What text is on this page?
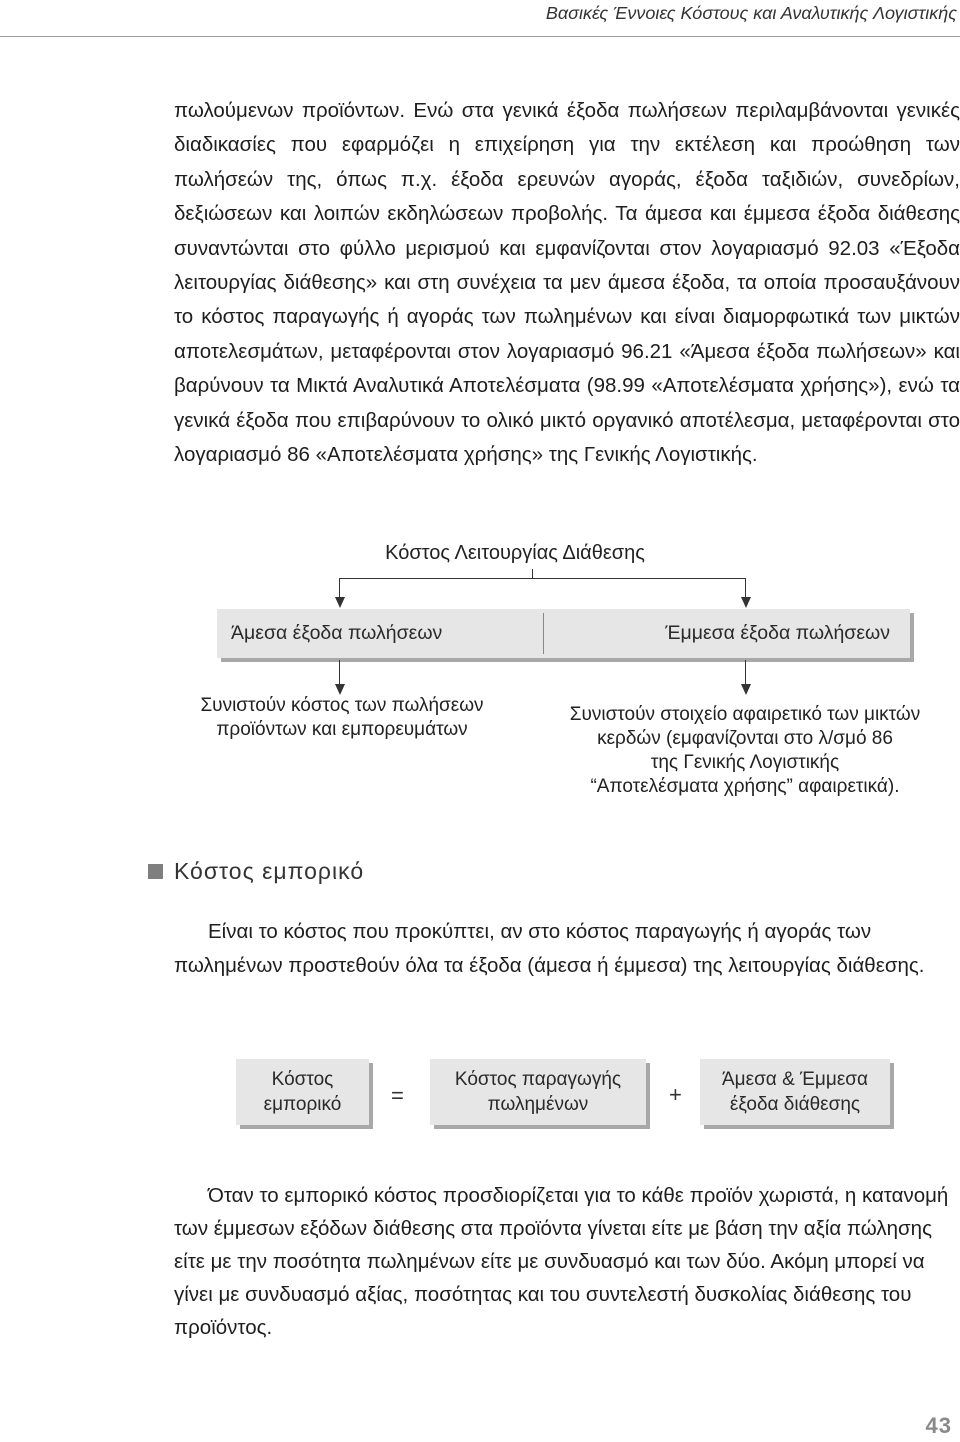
Βασικές Έννοιες Κόστους και Αναλυτικής Λογιστικής

πωλούμενων προϊόντων. Ενώ στα γενικά έξοδα πωλήσεων περιλαμβάνονται γενικές διαδικασίες που εφαρμόζει η επιχείρηση για την εκτέλεση και προώθηση των πωλήσεών της, όπως π.χ. έξοδα ερευνών αγοράς, έξοδα ταξιδιών, συνεδρίων, δεξιώσεων και λοιπών εκδηλώσεων προβολής. Τα άμεσα και έμμεσα έξοδα διάθεσης συναντώνται στο φύλλο μερισμού και εμφανίζονται στον λογαριασμό 92.03 «Έξοδα λειτουργίας διάθεσης» και στη συνέχεια τα μεν άμεσα έξοδα, τα οποία προσαυξάνουν το κόστος παραγωγής ή αγοράς των πωλημένων και είναι διαμορφωτικά των μικτών αποτελεσμάτων, μεταφέρονται στον λογαριασμό 96.21 «Άμεσα έξοδα πωλήσεων» και βαρύνουν τα Μικτά Αναλυτικά Αποτελέσματα (98.99 «Αποτελέσματα χρήσης»), ενώ τα γενικά έξοδα που επιβαρύνουν το ολικό μικτό οργανικό αποτέλεσμα, μεταφέρονται στο λογαριασμό 86 «Αποτελέσματα χρήσης» της Γενικής Λογιστικής.

Κόστος Λειτουργίας Διάθεσης
Άμεσα έξοδα πωλήσεων	Έμμεσα έξοδα πωλήσεων
Συνιστούν κόστος των πωλήσεων
προϊόντων και εμπορευμάτων
Συνιστούν στοιχείο αφαιρετικό των μικτών
κερδών (εμφανίζονται στο λ/σμό 86
της Γενικής Λογιστικής
“Αποτελέσματα χρήσης” αφαιρετικά).
Κόστος εμπορικό

Είναι το κόστος που προκύπτει, αν στο κόστος παραγωγής ή αγοράς των πωλημένων προστεθούν όλα τα έξοδα (άμεσα ή έμμεσα) της λειτουργίας διάθεσης.

Κόστος
εμπορικό =
Κόστος παραγωγής
πωλημένων	+
Άμεσα & Έμμεσα
έξοδα διάθεσης

Όταν το εμπορικό κόστος προσδιορίζεται για το κάθε προϊόν χωριστά, η κατανομή των έμμεσων εξόδων διάθεσης στα προϊόντα γίνεται είτε με βάση την αξία πώλησης είτε με την ποσότητα πωλημένων είτε με συνδυασμό και των δύο. Ακόμη μπορεί να γίνει με συνδυασμό αξίας, ποσότητας και του συντελεστή δυσκολίας διάθεσης του προϊόντος.

43
